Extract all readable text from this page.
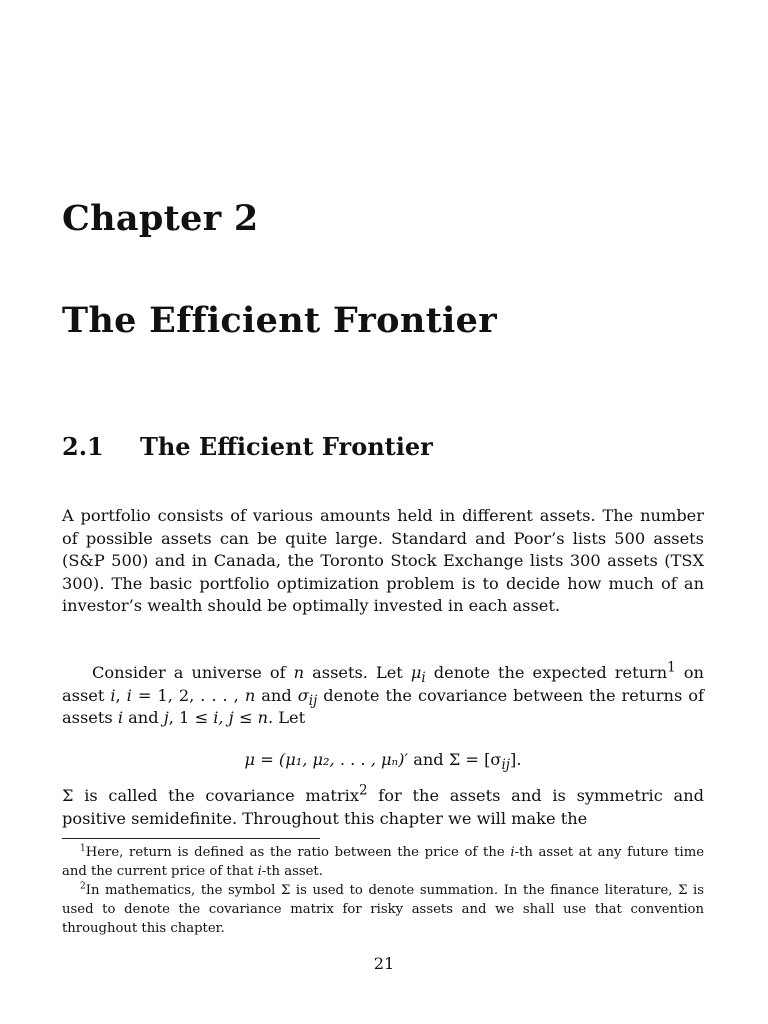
Chapter 2
The Efficient Frontier
2.1 The Efficient Frontier
A portfolio consists of various amounts held in different assets. The number of possible assets can be quite large. Standard and Poor’s lists 500 assets (S&P 500) and in Canada, the Toronto Stock Exchange lists 300 assets (TSX 300). The basic portfolio optimization problem is to decide how much of an investor’s wealth should be optimally invested in each asset.
Consider a universe of n assets. Let $\mu_i$ denote the expected return$^1$ on asset i, i = 1, 2, . . . , n and $\sigma_{ij}$ denote the covariance between the returns of assets i and j, 1 ≤ i, j ≤ n. Let
μ = (μ₁, μ₂, . . . , μₙ)′ and $\Sigma = [\sigma_{ij}]$.
Σ is called the covariance matrix$^2$ for the assets and is symmetric and positive semidefinite. Throughout this chapter we will make the

$^1$Here, return is defined as the ratio between the price of the i-th asset at any future time and the current price of that i-th asset.

$^2$In mathematics, the symbol Σ is used to denote summation. In the finance literature, Σ is used to denote the covariance matrix for risky assets and we shall use that convention throughout this chapter.

21
